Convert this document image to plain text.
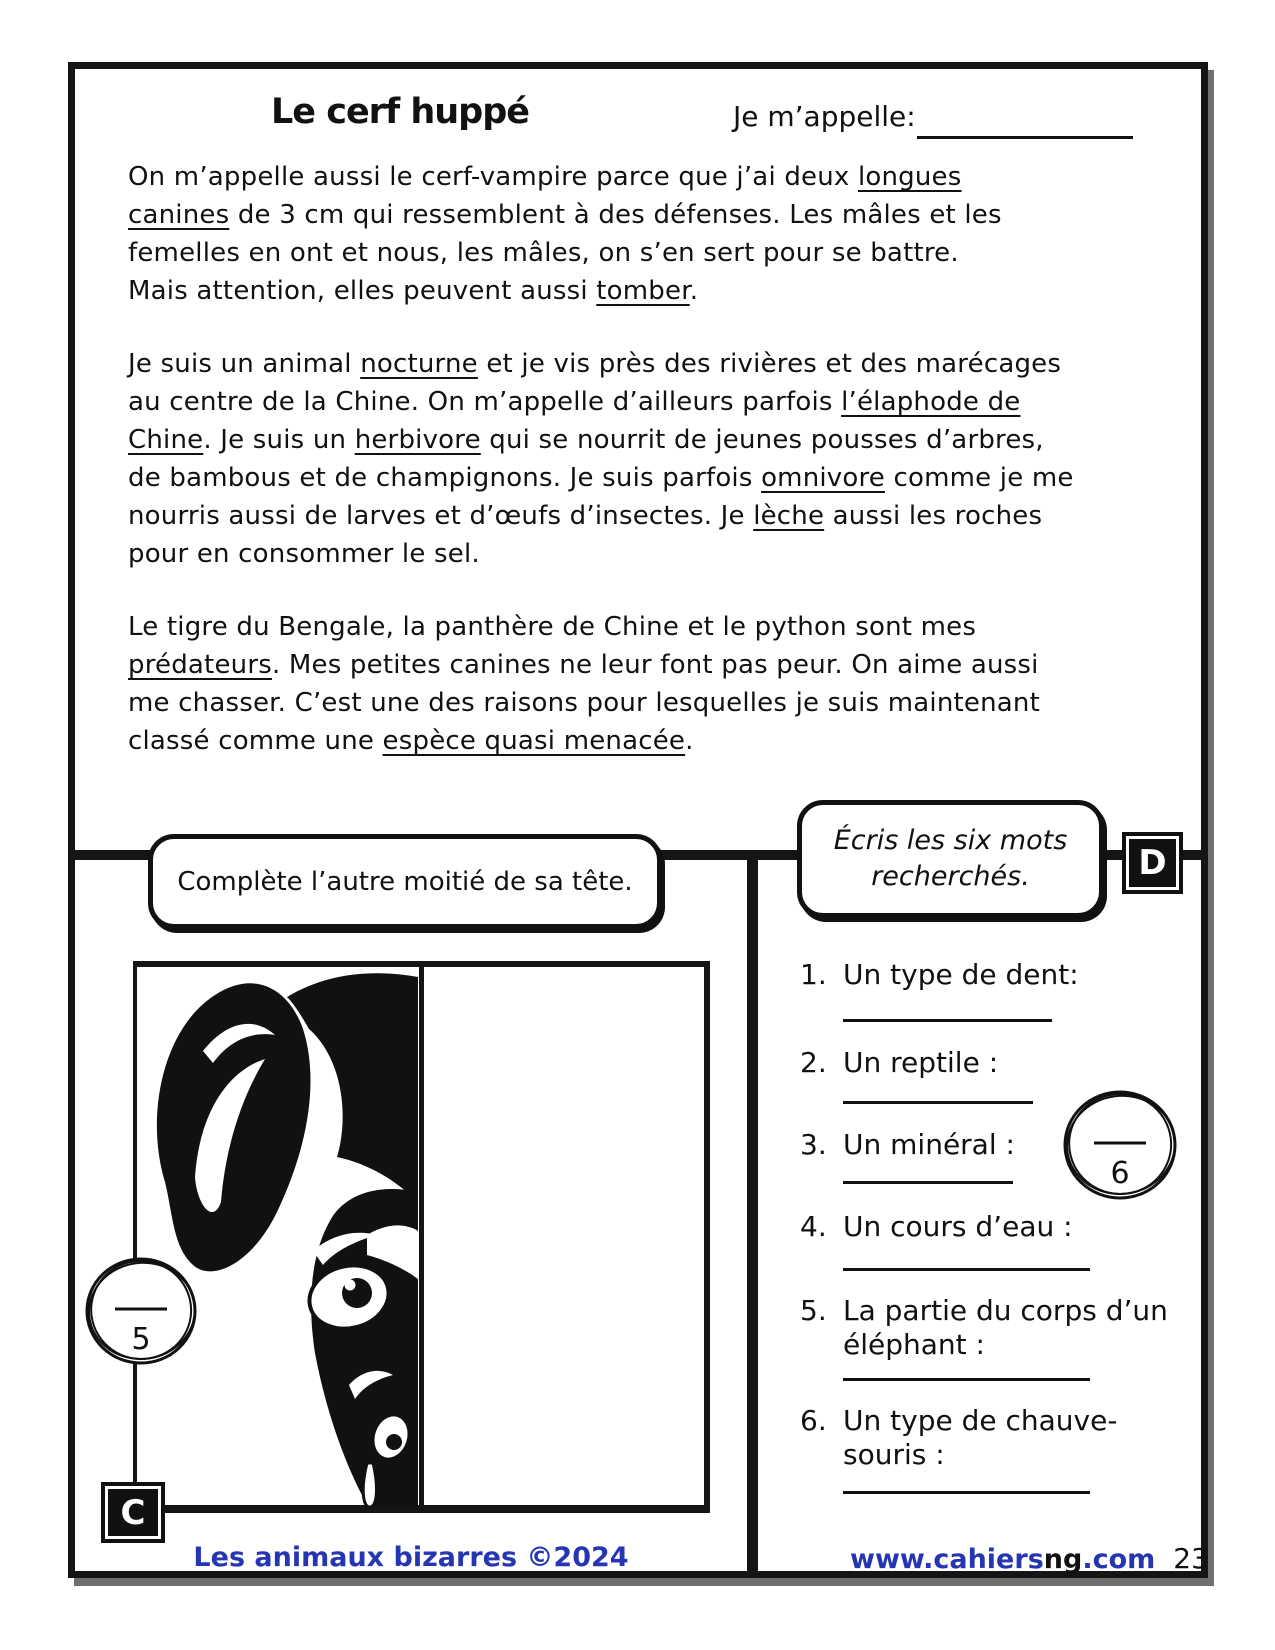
Le cerf huppé	Je m’appelle:
On m’appelle aussi le cerf-vampire parce que j’ai deux longues
canines de 3 cm qui ressemblent à des défenses. Les mâles et les
femelles en ont et nous, les mâles, on s’en sert pour se battre.
Mais attention, elles peuvent aussi tomber.
Je suis un animal nocturne et je vis près des rivières et des marécages
au centre de la Chine. On m’appelle d’ailleurs parfois l’élaphode de
Chine. Je suis un herbivore qui se nourrit de jeunes pousses d’arbres,
de bambous et de champignons. Je suis parfois omnivore comme je me
nourris aussi de larves et d’œufs d’insectes. Je lèche aussi les roches
pour en consommer le sel.
Le tigre du Bengale, la panthère de Chine et le python sont mes
prédateurs. Mes petites canines ne leur font pas peur. On aime aussi
me chasser. C’est une des raisons pour lesquelles je suis maintenant
classé comme une espèce quasi menacée.
Complète l’autre moitié de sa tête.
5
C
Écris les six mots
recherchés.	D
6
1. Un type de dent:
2. Un reptile :
3. Un minéral :
4. Un cours d’eau :
5. La partie du corps d’un
éléphant :
6. Un type de chauve-
souris :
Les animaux bizarres ©2024	www.cahiersng.com 23
